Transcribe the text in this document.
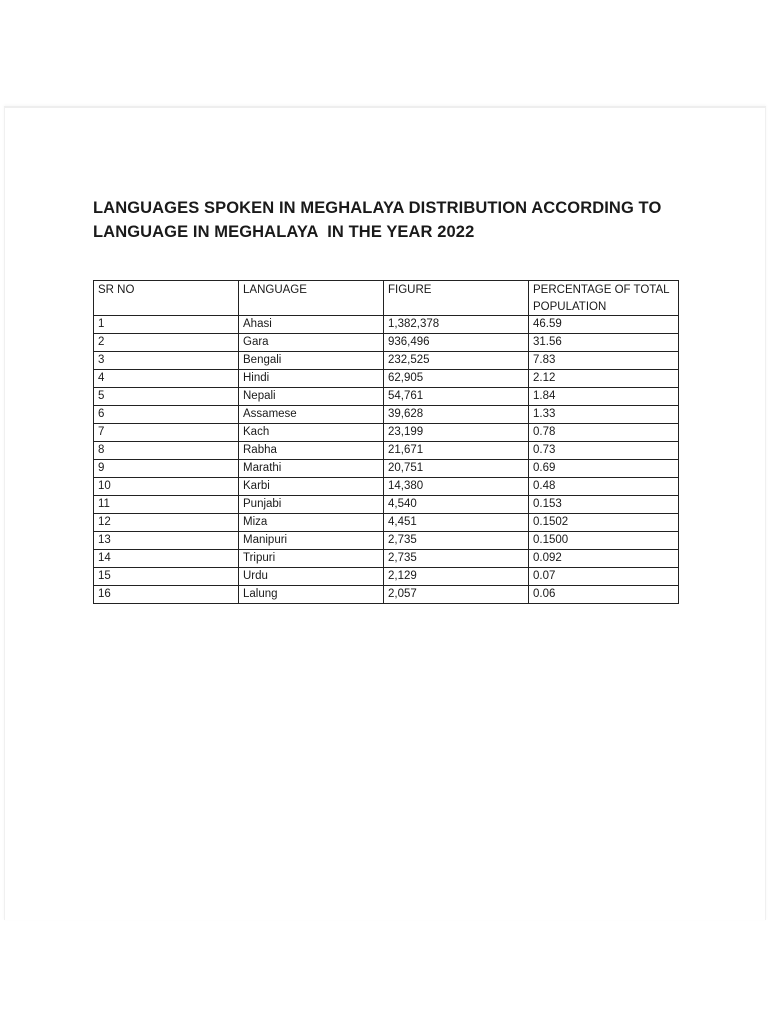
LANGUAGES SPOKEN IN MEGHALAYA DISTRIBUTION ACCORDING TO
LANGUAGE IN MEGHALAYA  IN THE YEAR 2022
SR NO	LANGUAGE	FIGURE	PERCENTAGE OF TOTAL
POPULATION

1	Ahasi	1,382,378	46.59
2	Gara	936,496	31.56
3	Bengali	232,525	7.83
4	Hindi	62,905	2.12
5	Nepali	54,761	1.84
6	Assamese	39,628	1.33
7	Kach	23,199	0.78
8	Rabha	21,671	0.73
9	Marathi	20,751	0.69
10	Karbi	14,380	0.48
11	Punjabi	4,540	0.153
12	Miza	4,451	0.1502
13	Manipuri	2,735	0.1500
14	Tripuri	2,735	0.092
15	Urdu	2,129	0.07
16	Lalung	2,057	0.06
